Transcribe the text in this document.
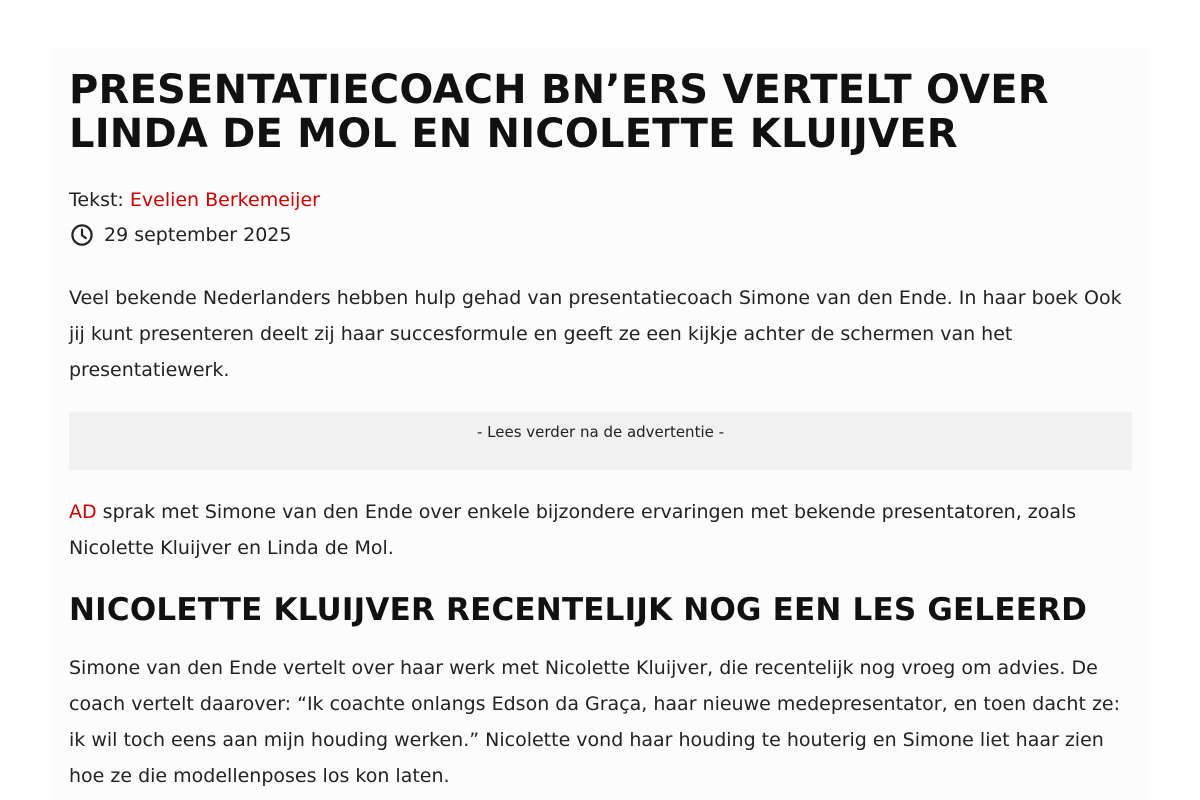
PRESENTATIECOACH BN’ERS VERTELT OVER
LINDA DE MOL EN NICOLETTE KLUIJVER
Tekst: Evelien Berkemeijer
29 september 2025

Veel bekende Nederlanders hebben hulp gehad van presentatiecoach Simone van den Ende. In haar boek Ook jij kunt presenteren deelt zij haar succesformule en geeft ze een kijkje achter de schermen van het presentatiewerk.

- Lees verder na de advertentie -

AD sprak met Simone van den Ende over enkele bijzondere ervaringen met bekende presentatoren, zoals Nicolette Kluijver en Linda de Mol.

NICOLETTE KLUIJVER RECENTELIJK NOG EEN LES GELEERD

Simone van den Ende vertelt over haar werk met Nicolette Kluijver, die recentelijk nog vroeg om advies. De coach vertelt daarover: “Ik coachte onlangs Edson da Graça, haar nieuwe medepresentator, en toen dacht ze: ik wil toch eens aan mijn houding werken.” Nicolette vond haar houding te houterig en Simone liet haar zien hoe ze die modellenposes los kon laten.
